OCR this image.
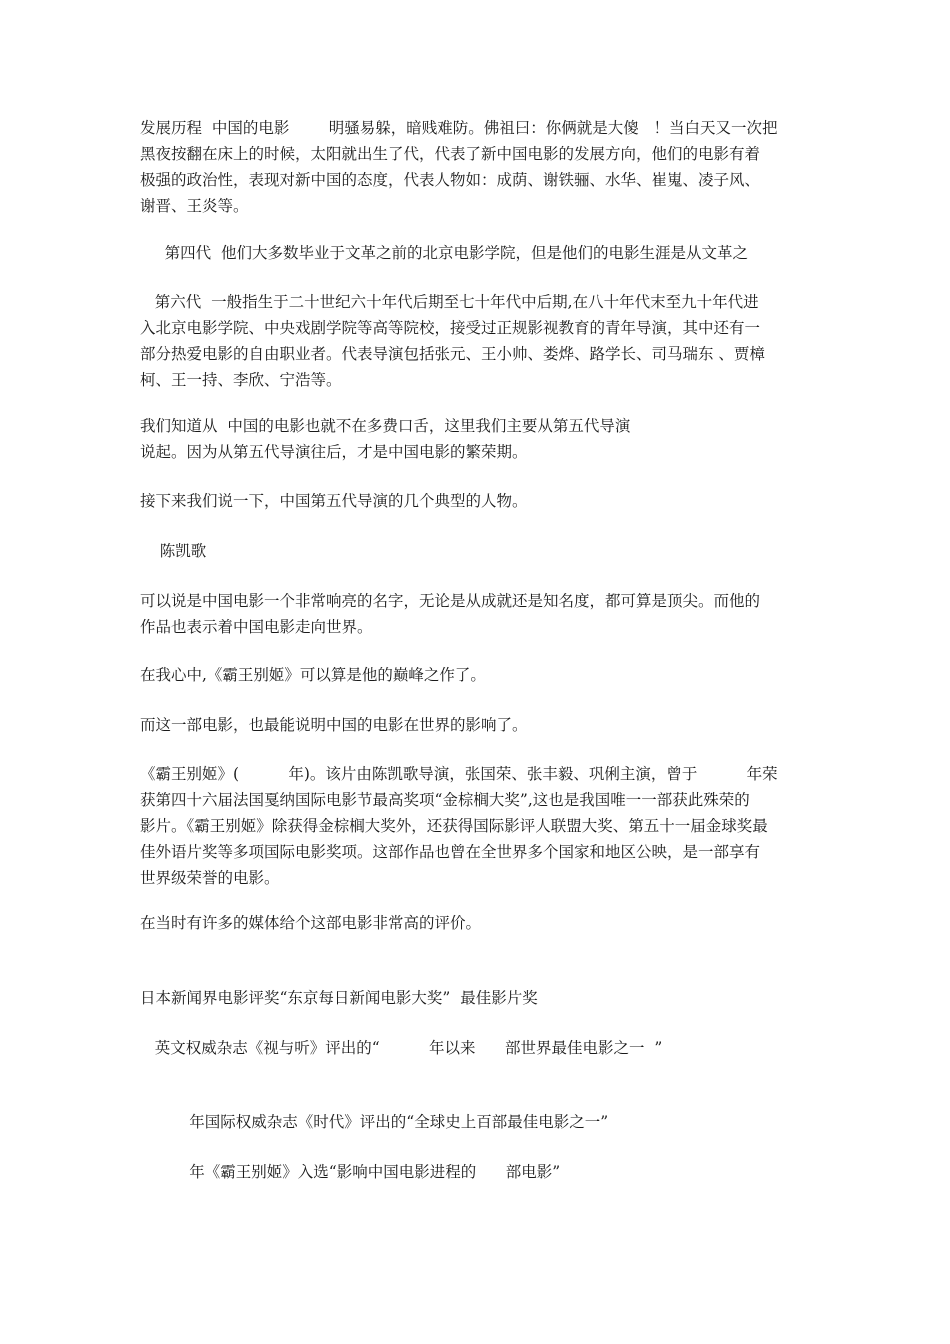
发展历程  中国的电影        明骚易躲，暗贱难防。佛祖曰：你俩就是大傻   ！当白天又一次把
黑夜按翻在床上的时候，太阳就出生了代，代表了新中国电影的发展方向，他们的电影有着
极强的政治性，表现对新中国的态度，代表人物如：成荫、谢铁骊、水华、崔嵬、凌子风、
谢晋、王炎等。

第四代  他们大多数毕业于文革之前的北京电影学院，但是他们的电影生涯是从文革之

第六代  一般指生于二十世纪六十年代后期至七十年代中后期,在八十年代末至九十年代进
入北京电影学院、中央戏剧学院等高等院校，接受过正规影视教育的青年导演，其中还有一
部分热爱电影的自由职业者。代表导演包括张元、王小帅、娄烨、路学长、司马瑞东 、贾樟
柯、王一持、李欣、宁浩等。

我们知道从  中国的电影也就不在多费口舌，这里我们主要从第五代导演
说起。因为从第五代导演往后，才是中国电影的繁荣期。

接下来我们说一下，中国第五代导演的几个典型的人物。

陈凯歌

可以说是中国电影一个非常响亮的名字，无论是从成就还是知名度，都可算是顶尖。而他的
作品也表示着中国电影走向世界。

在我心中,《霸王别姬》可以算是他的巅峰之作了。

而这一部电影，也最能说明中国的电影在世界的影响了。

《霸王别姬》(          年)。该片由陈凯歌导演，张国荣、张丰毅、巩俐主演，曾于          年荣
获第四十六届法国戛纳国际电影节最高奖项“金棕榈大奖”,这也是我国唯一一部获此殊荣的
影片。《霸王别姬》除获得金棕榈大奖外，还获得国际影评人联盟大奖、第五十一届金球奖最
佳外语片奖等多项国际电影奖项。这部作品也曾在全世界多个国家和地区公映，是一部享有
世界级荣誉的电影。

在当时有许多的媒体给个这部电影非常高的评价。

日本新闻界电影评奖“东京每日新闻电影大奖”  最佳影片奖

英文权威杂志《视与听》评出的“          年以来      部世界最佳电影之一  ”

年国际权威杂志《时代》评出的“全球史上百部最佳电影之一”

年《霸王别姬》入选“影响中国电影进程的      部电影”
